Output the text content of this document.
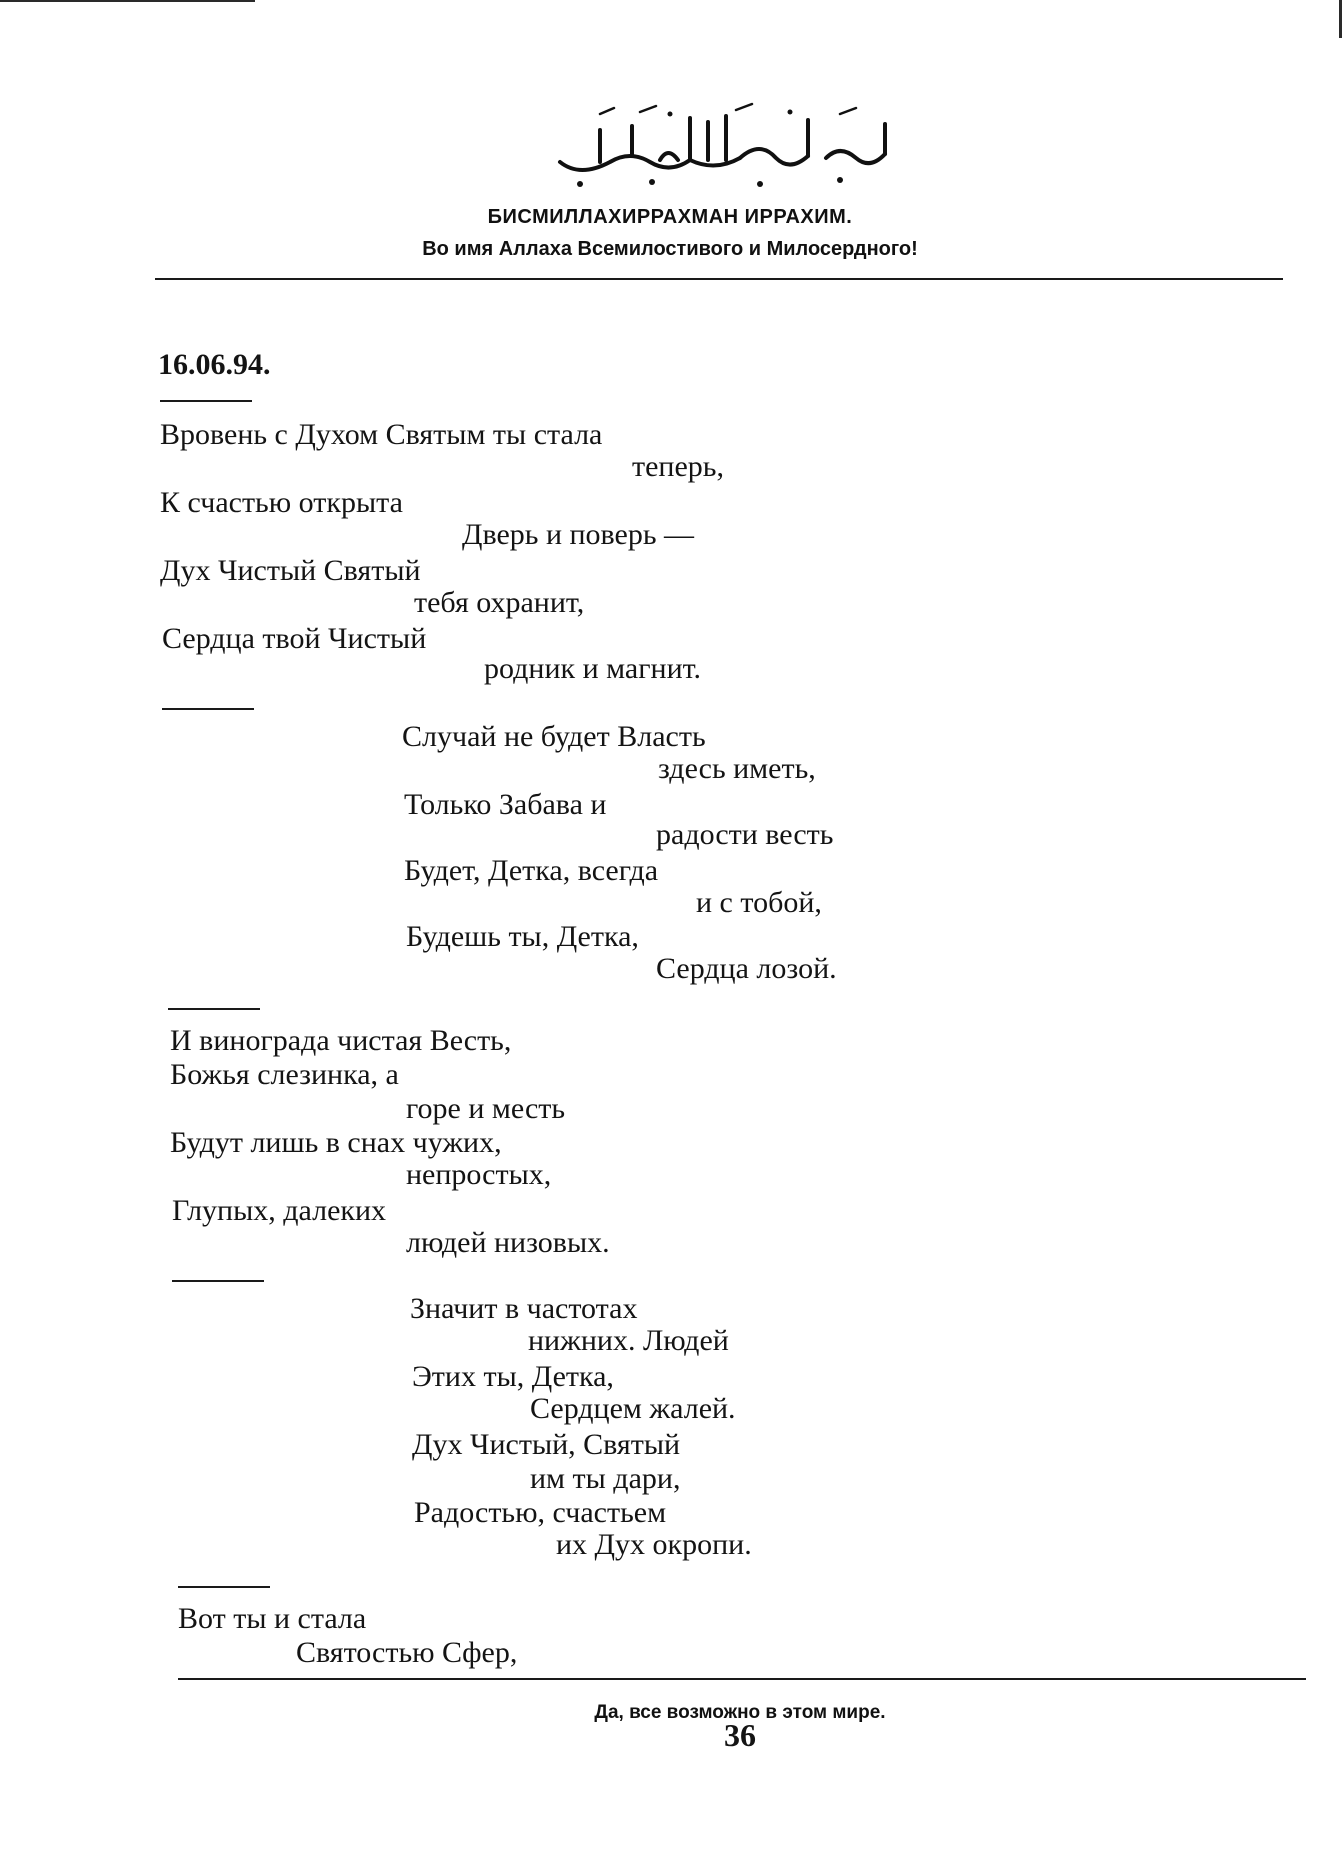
БИСМИЛЛАХИРРАХМАН ИРРАХИМ.
Во имя Аллаха Всемилостивого и Милосердного!
16.06.94.
Вровень с Духом Святым ты стала
теперь,
К счастью открыта
Дверь и поверь —
Дух Чистый Святый
тебя охранит,
Сердца твой Чистый
родник и магнит.
Случай не будет Власть
здесь иметь,
Только Забава и
радости весть
Будет, Детка, всегда
и с тобой,
Будешь ты, Детка,
Сердца лозой.
И винограда чистая Весть,
Божья слезинка, а
горе и месть
Будут лишь в снах чужих,
непростых,
Глупых, далеких
людей низовых.
Значит в частотах
нижних. Людей
Этих ты, Детка,
Сердцем жалей.
Дух Чистый, Святый
им ты дари,
Радостью, счастьем
их Дух окропи.
Вот ты и стала
Святостью Сфер,
Да, все возможно в этом мире.
36
